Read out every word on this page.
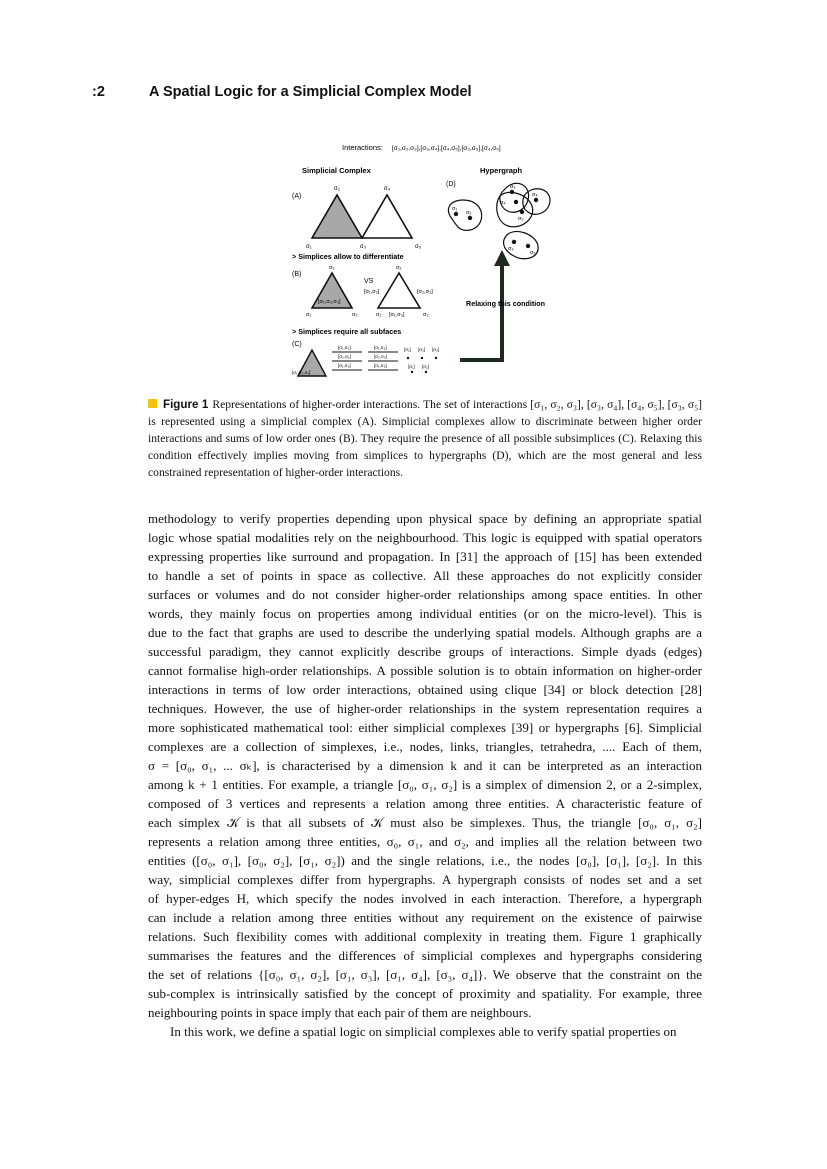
:2	A Spatial Logic for a Simplicial Complex Model
Interactions: [σ₁,σ₂,σ₃],[σ₃,σ₄],[σ₄,σ₅],[σ₃,σ₅],[σ₄,σ₅]
Simplicial Complex	Hypergraph
(A)
σ₂	σ₄
σ₁	σ₃	σ₅
> Simplices allow to differentiate
(B)
σ₃
[σ₁,σ₂,σ₃]
σ₁	σ₃
VS
σ₂
[σ₁,σ₂]	[σ₂,σ₃]
σ₁ [σ₁,σ₃]	σ₃
> Simplices require all subfaces
(C)
[σ₁,σ₂,σ₃]
[σ₁,σ₂]
[σ₂,σ₃]
[σ₁,σ₃]
[σ₁,σ₂]
[σ₂,σ₃]
[σ₁,σ₃]
[σ₁] [σ₂] [σ₃]
[σ₁] [σ₂]
Relaxing this condition
(D)
σ₁
σ₂
σ₃
σ₄
σ₄
σ₃
σ₃
σ₅
Figure 1 Representations of higher-order interactions. The set of interactions [σ₁, σ₂, σ₃], [σ₃, σ₄], [σ₄, σ₅], [σ₃, σ₅] is represented using a simplicial complex (A). Simplicial complexes allow to discriminate between higher order interactions and sums of low order ones (B). They require the presence of all possible subsimplices (C). Relaxing this condition effectively implies moving from simplices to hypergraphs (D), which are the most general and less constrained representation of higher-order interactions.

methodology to verify properties depending upon physical space by defining an appropriate spatial
logic whose spatial modalities rely on the neighbourhood. This logic is equipped with spatial operators
expressing properties like surround and propagation. In [31] the approach of [15] has been extended
to handle a set of points in space as collective. All these approaches do not explicitly consider
surfaces or volumes and do not consider higher-order relationships among space entities. In other
words, they mainly focus on properties among individual entities (or on the micro-level). This is
due to the fact that graphs are used to describe the underlying spatial models. Although graphs are a
successful paradigm, they cannot explicitly describe groups of interactions. Simple dyads (edges)
cannot formalise high-order relationships. A possible solution is to obtain information on higher-order
interactions in terms of low order interactions, obtained using clique [34] or block detection [28]
techniques. However, the use of higher-order relationships in the system representation requires a
more sophisticated mathematical tool: either simplicial complexes [39] or hypergraphs [6]. Simplicial
complexes are a collection of simplexes, i.e., nodes, links, triangles, tetrahedra, .... Each of them,
σ = [σ₀, σ₁, ... σₖ], is characterised by a dimension k and it can be interpreted as an interaction
among k + 1 entities. For example, a triangle [σ₀, σ₁, σ₂] is a simplex of dimension 2, or a 2-simplex,
composed of 3 vertices and represents a relation among three entities. A characteristic feature of
each simplex 𝒦 is that all subsets of 𝒦 must also be simplexes. Thus, the triangle [σ₀, σ₁, σ₂]
represents a relation among three entities, σ₀, σ₁, and σ₂, and implies all the relation between two
entities ([σ₀, σ₁], [σ₀, σ₂], [σ₁, σ₂]) and the single relations, i.e., the nodes [σ₀], [σ₁], [σ₂]. In this
way, simplicial complexes differ from hypergraphs. A hypergraph consists of nodes set and a set
of hyper-edges H, which specify the nodes involved in each interaction. Therefore, a hypergraph
can include a relation among three entities without any requirement on the existence of pairwise
relations. Such flexibility comes with additional complexity in treating them. Figure 1 graphically
summarises the features and the differences of simplicial complexes and hypergraphs considering
the set of relations {[σ₀, σ₁, σ₂], [σ₁, σ₃], [σ₁, σ₄], [σ₃, σ₄]}. We observe that the constraint on the
sub-complex is intrinsically satisfied by the concept of proximity and spatiality. For example, three
neighbouring points in space imply that each pair of them are neighbours.

In this work, we define a spatial logic on simplicial complexes able to verify spatial properties on
